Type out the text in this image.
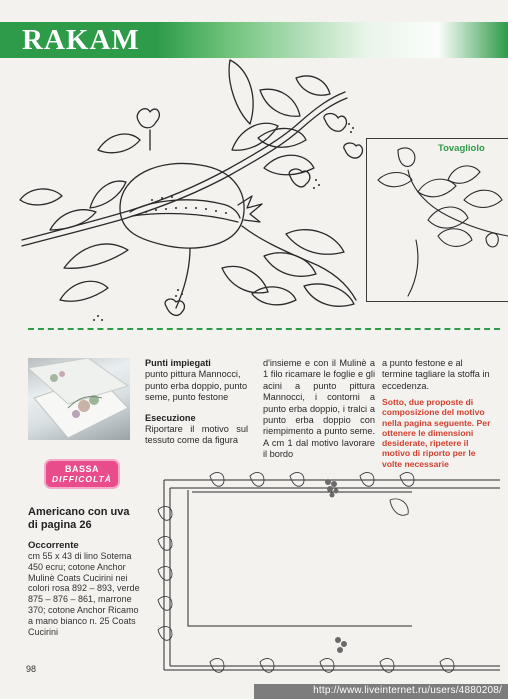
RAKAM
Tovagliolo
Punti impiegati
punto pittura Mannocci, punto erba doppio, punto seme, punto festone
Esecuzione
Riportare il motivo sul tessuto come da figura
d'insieme e con il Mulinè a 1 filo ricamare le foglie e gli acini a punto pittura Mannocci, i contorni a punto erba doppio, i tralci a punto erba doppio con riempimento a punto seme. A cm 1 dal motivo lavorare il bordo
a punto festone e al termine tagliare la stoffa in eccedenza.
Sotto, due proposte di composizione del motivo nella pagina seguente. Per ottenere le dimensioni desiderate, ripetere il motivo di riporto per le volte necessarie
BASSA
DIFFICOLTÀ
Americano con uva
di pagina 26
Occorrente
cm 55 x 43 di lino Sotema 450 ecru; cotone Anchor Mulinè Coats Cucirini nei colori rosa 892 – 893, verde 875 – 876 – 861, marrone 370; cotone Anchor Ricamo a mano bianco n. 25 Coats Cucirini
98
http://www.liveinternet.ru/users/4880208/
